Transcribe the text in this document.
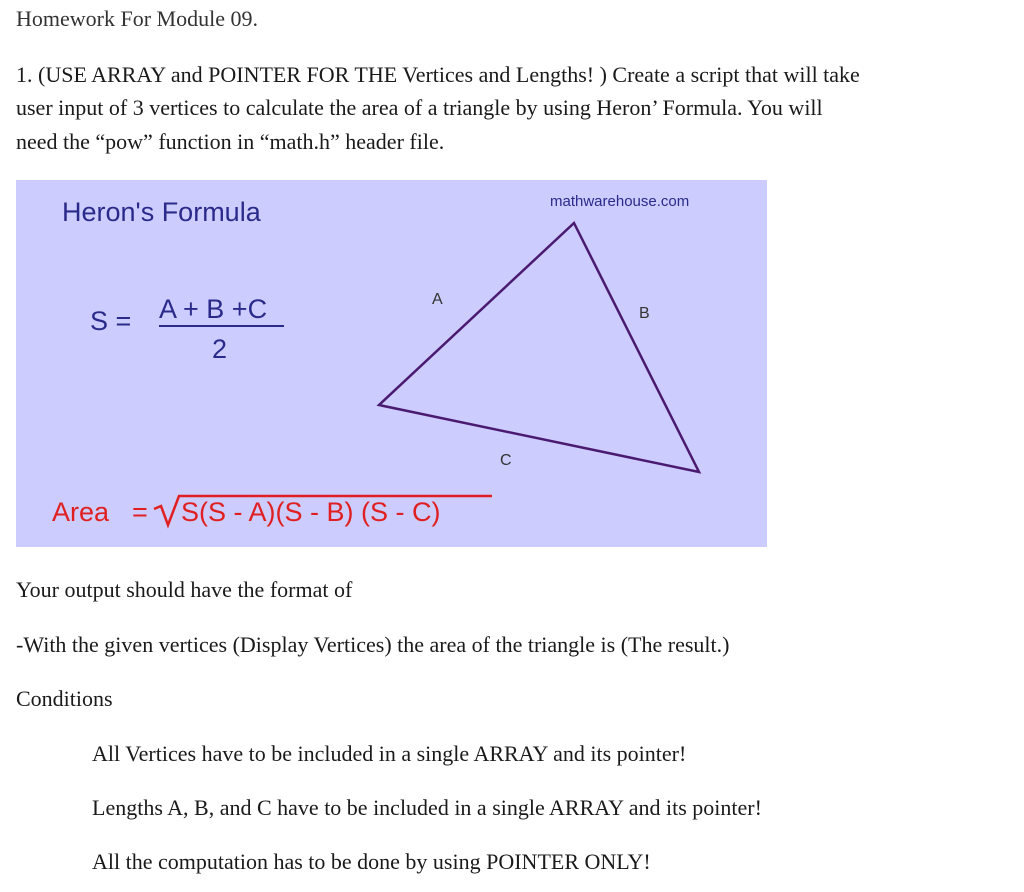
Homework For Module 09.
1. (USE ARRAY and POINTER FOR THE Vertices and Lengths! ) Create a script that will take
user input of 3 vertices to calculate the area of a triangle by using Heron’ Formula. You will
need the “pow” function in “math.h” header file.
Heron's Formula	mathwarehouse.com
S = A + B +C
2
A
B
C
Area = S(S - A)(S - B) (S - C)
Your output should have the format of
-With the given vertices (Display Vertices) the area of the triangle is (The result.)
Conditions
All Vertices have to be included in a single ARRAY and its pointer!
Lengths A, B, and C have to be included in a single ARRAY and its pointer!
All the computation has to be done by using POINTER ONLY!
